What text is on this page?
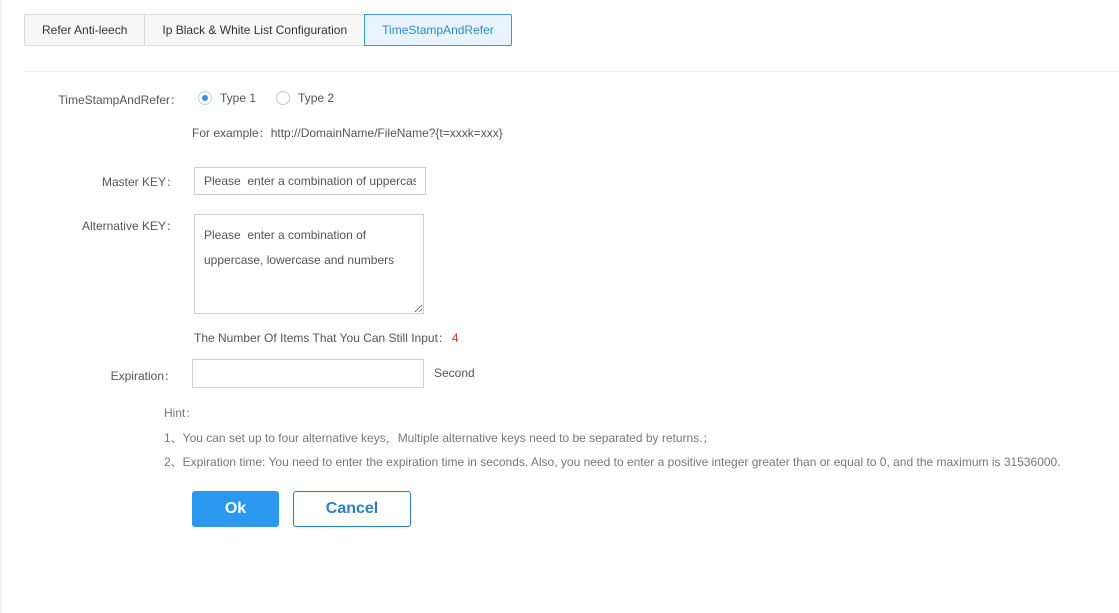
Refer Anti-leech	Ip Black & White List Configuration	TimeStampAndRefer
TimeStampAndRefer：	Type 1	Type 2
For example：http://DomainName/FileName?{t=xxxk=xxx}
Master KEY：
Please enter a combination of uppercase, lowercase and numbers
Alternative KEY：
Please enter a combination of uppercase, lowercase and numbers
The Number Of Items That You Can Still Input： 4
Expiration：	Second
Hint：
1、You can set up to four alternative keys，Multiple alternative keys need to be separated by returns.；
2、Expiration time: You need to enter the expiration time in seconds. Also, you need to enter a positive integer greater than or equal to 0, and the maximum is 31536000.
Ok	Cancel
